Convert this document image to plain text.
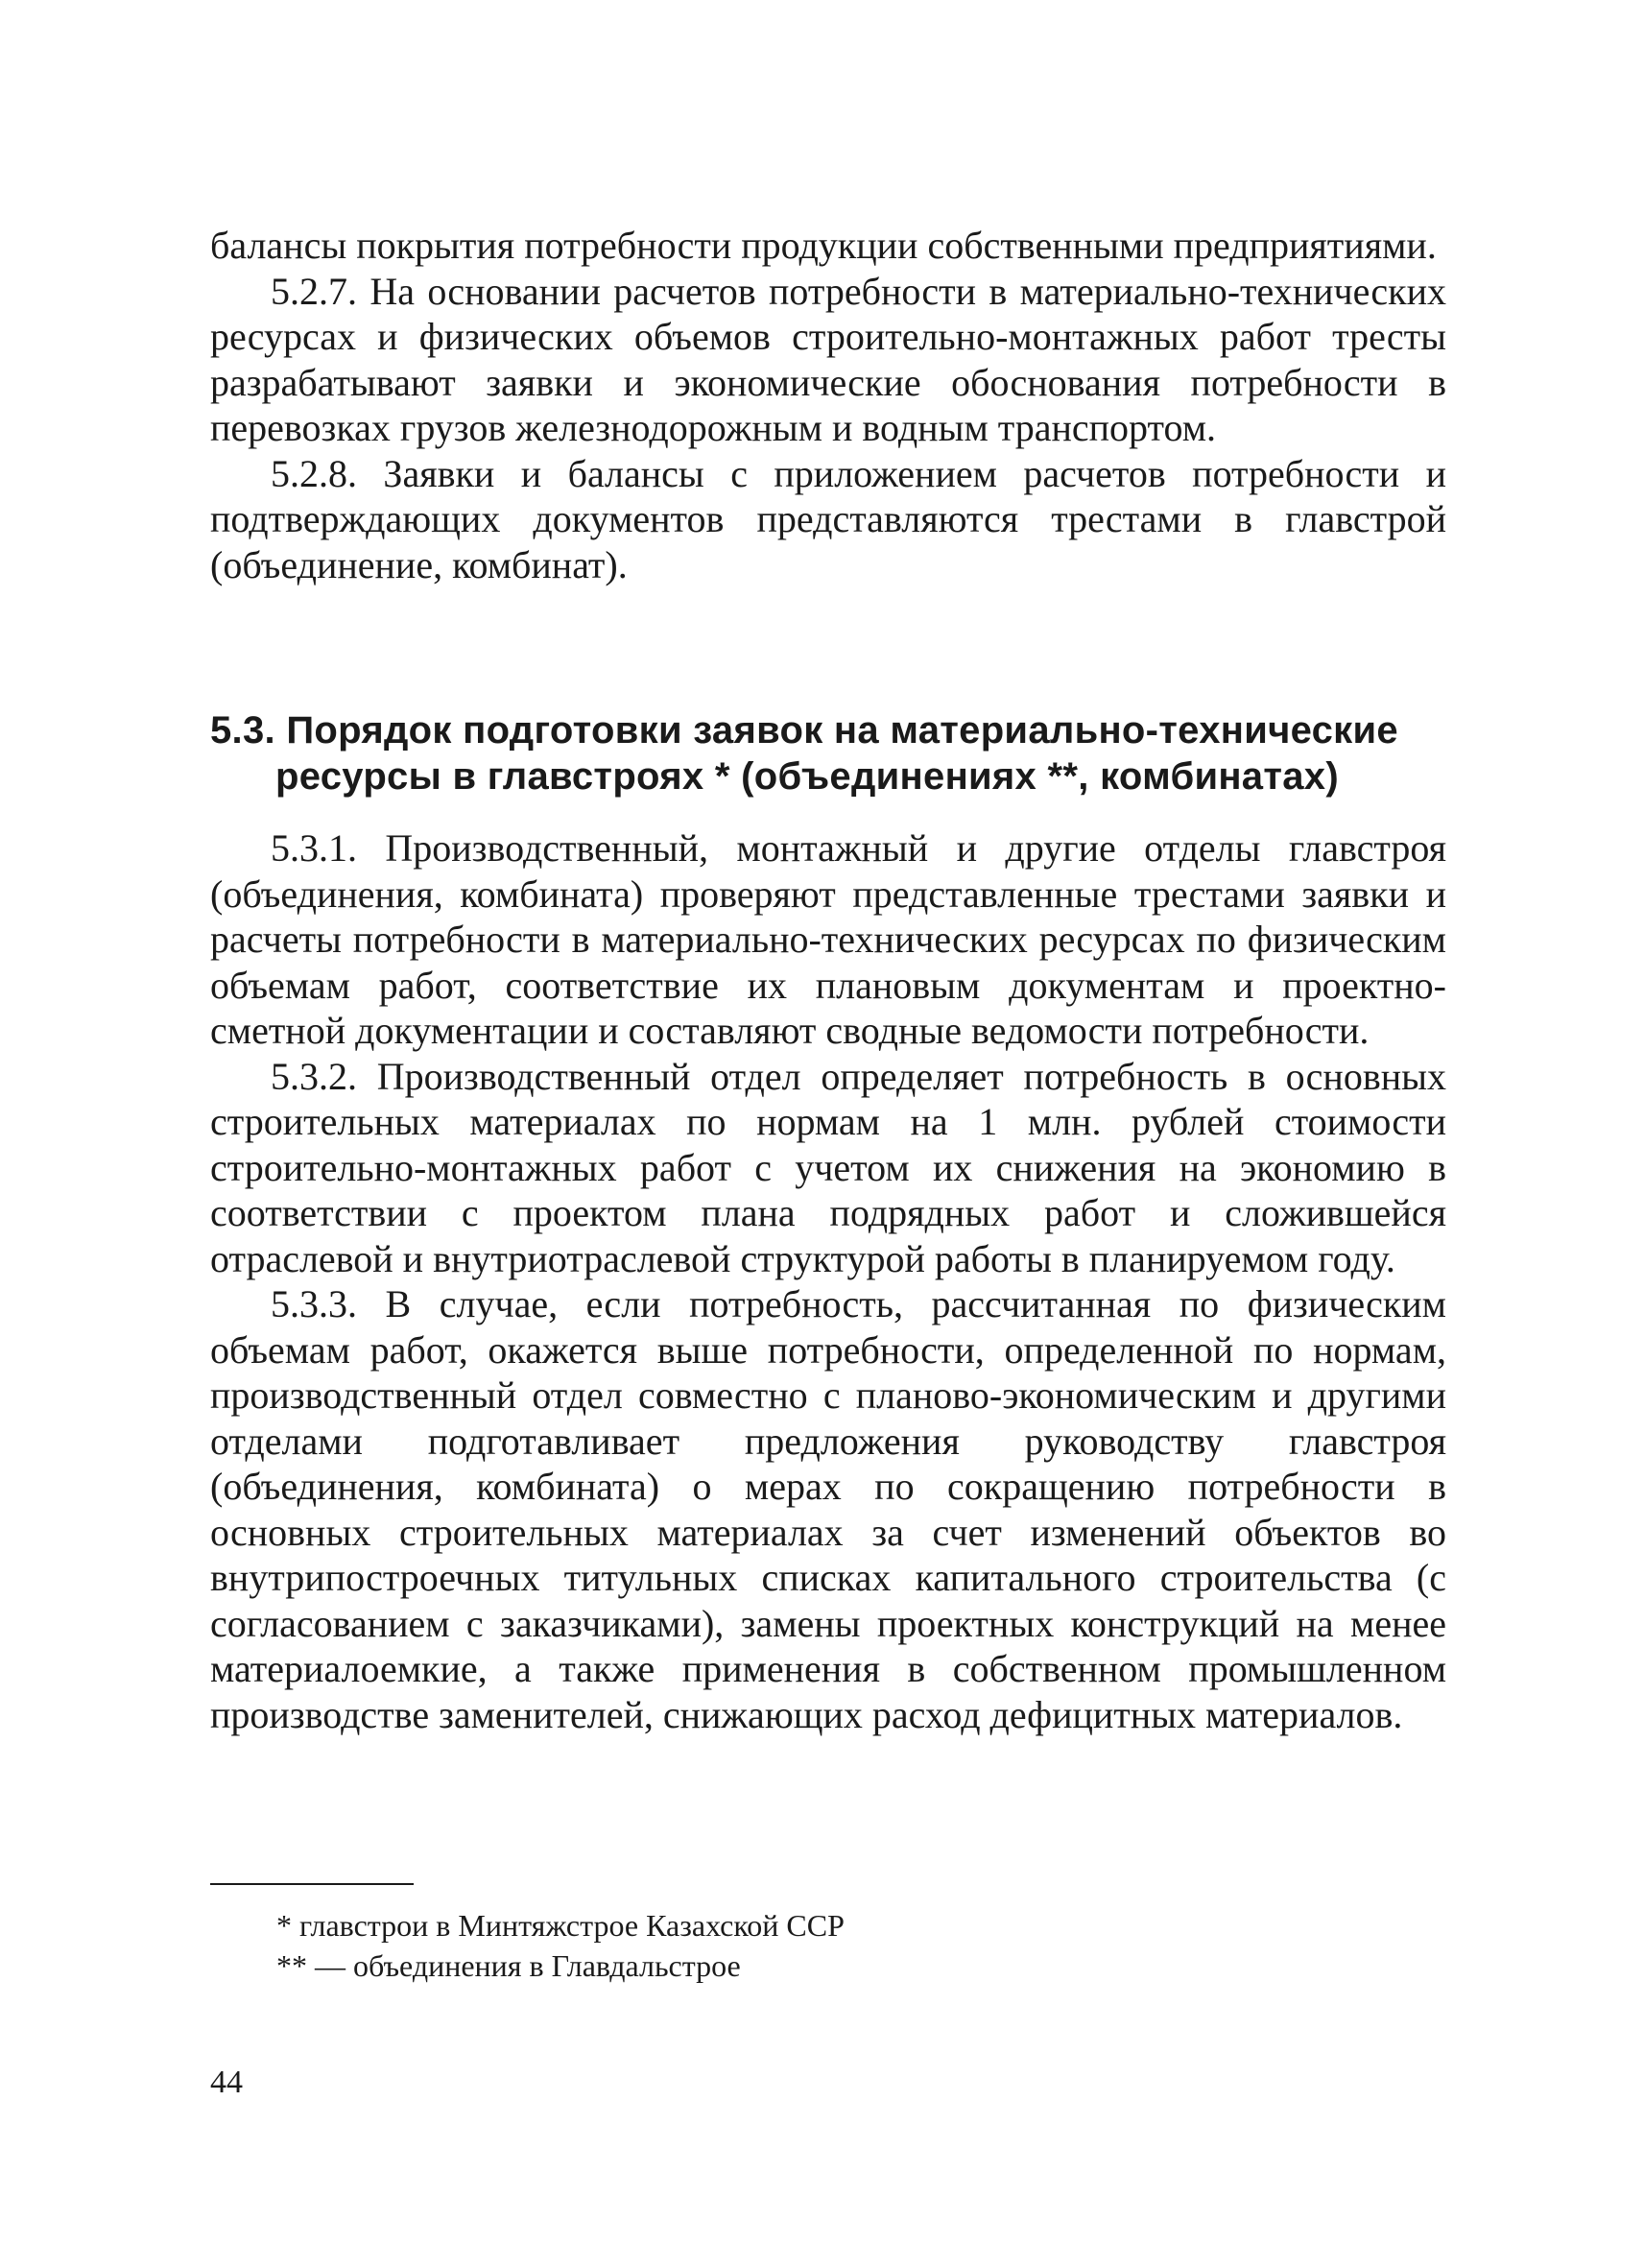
балансы покрытия потребности продукции собственными предприятиями.

5.2.7. На основании расчетов потребности в материально-технических ресурсах и физических объемов строительно-монтажных работ тресты разрабатывают заявки и экономические обоснования потребности в перевозках грузов железнодорожным и водным транспортом.

5.2.8. Заявки и балансы с приложением расчетов потребности и подтверждающих документов представляются трестами в главстрой (объединение, комбинат).

5.3. Порядок подготовки заявок на материально-технические
ресурсы в главстроях * (объединениях **, комбинатах)

5.3.1. Производственный, монтажный и другие отделы главстроя (объединения, комбината) проверяют представленные трестами заявки и расчеты потребности в материально-технических ресурсах по физическим объемам работ, соответствие их плановым документам и проектно-сметной документации и составляют сводные ведомости потребности.

5.3.2. Производственный отдел определяет потребность в основных строительных материалах по нормам на 1 млн. рублей стоимости строительно-монтажных работ с учетом их снижения на экономию в соответствии с проектом плана подрядных работ и сложившейся отраслевой и внутриотраслевой структурой работы в планируемом году.

5.3.3. В случае, если потребность, рассчитанная по физическим объемам работ, окажется выше потребности, определенной по нормам, производственный отдел совместно с планово-экономическим и другими отделами подготавливает предложения руководству главстроя (объединения, комбината) о мерах по сокращению потребности в основных строительных материалах за счет изменений объектов во внутрипостроечных титульных списках капитального строительства (с согласованием с заказчиками), замены проектных конструкций на менее материалоемкие, а также применения в собственном промышленном производстве заменителей, снижающих расход дефицитных материалов.

* главстрои в Минтяжстрое Казахской ССР

** — объединения в Главдальстрое

44
